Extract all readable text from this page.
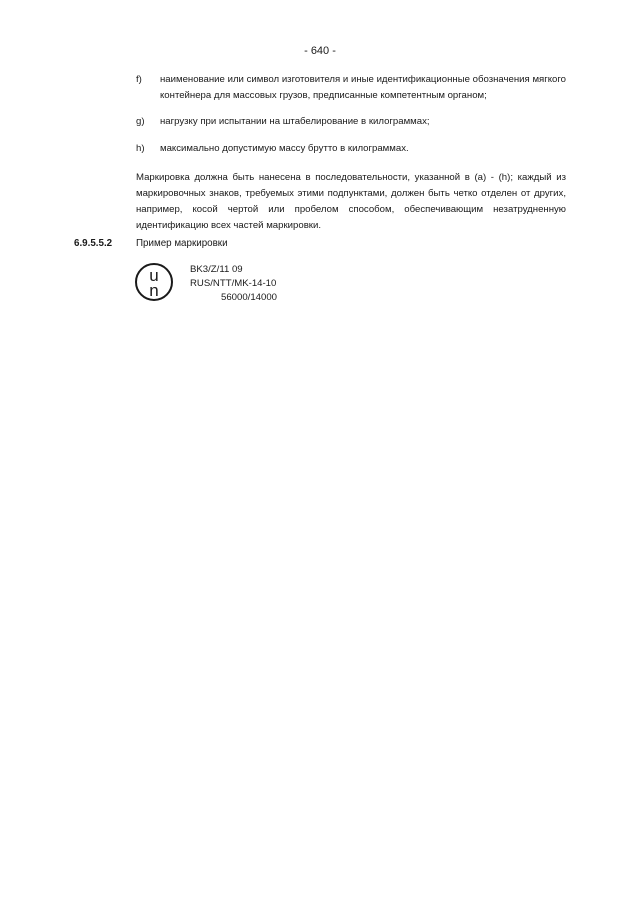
- 640 -
f) наименование или символ изготовителя и иные идентификационные обозначения мягкого контейнера для массовых грузов, предписанные компетентным органом;
g) нагрузку при испытании на штабелирование в килограммах;
h) максимально допустимую массу брутто в килограммах.
Маркировка должна быть нанесена в последовательности, указанной в (a) - (h); каждый из маркировочных знаков, требуемых этими подпунктами, должен быть четко отделен от других, например, косой чертой или пробелом способом, обеспечивающим незатрудненную идентификацию всех частей маркировки.
6.9.5.5.2 Пример маркировки
u
n
BK3/Z/11 09
RUS/NTT/MK-14-10
56000/14000
